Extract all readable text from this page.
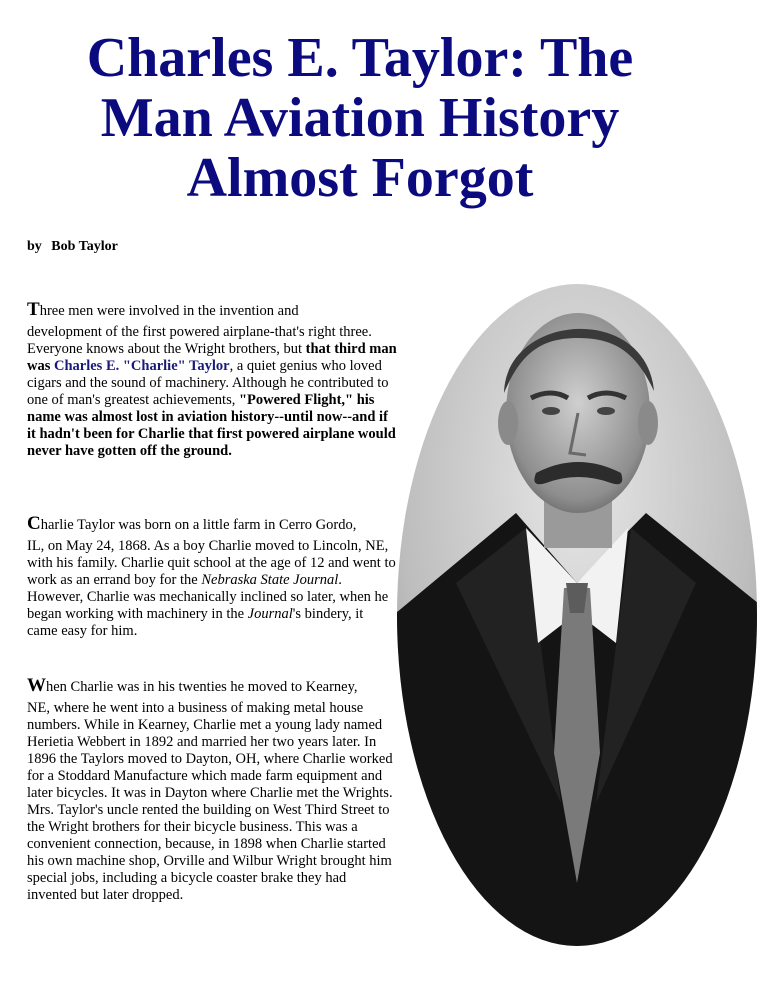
Charles E. Taylor: The
Man Aviation History
Almost Forgot
by Bob Taylor

Three men were involved in the invention and
development of the first powered airplane-that's right three. Everyone knows about the Wright brothers, but that third man was Charles E. "Charlie" Taylor, a quiet genius who loved cigars and the sound of machinery. Although he contributed to one of man's greatest achievements, "Powered Flight," his name was almost lost in aviation history--until now--and if it hadn't been for Charlie that first powered airplane would never have gotten off the ground.

Charlie Taylor was born on a little farm in Cerro Gordo,
IL, on May 24, 1868. As a boy Charlie moved to Lincoln, NE, with his family. Charlie quit school at the age of 12 and went to work as an errand boy for the Nebraska State Journal. However, Charlie was mechanically inclined so later, when he began working with machinery in the Journal's bindery, it came easy for him.

When Charlie was in his twenties he moved to Kearney,
NE, where he went into a business of making metal house numbers. While in Kearney, Charlie met a young lady named Herietia Webbert in 1892 and married her two years later. In 1896 the Taylors moved to Dayton, OH, where Charlie worked for a Stoddard Manufacture which made farm equipment and later bicycles. It was in Dayton where Charlie met the Wrights. Mrs. Taylor's uncle rented the building on West Third Street to the Wright brothers for their bicycle business. This was a convenient connection, because, in 1898 when Charlie started his own machine shop, Orville and Wilbur Wright brought him special jobs, including a bicycle coaster brake they had invented but later dropped.
